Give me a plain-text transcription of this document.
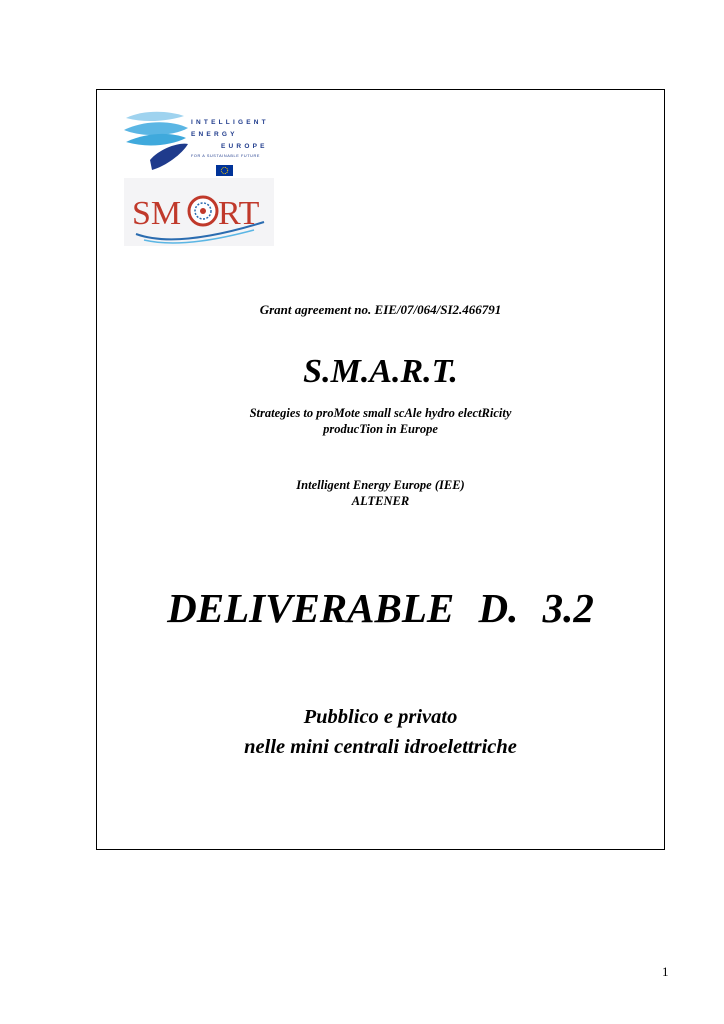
INTELLIGENT
ENERGY
EUROPE
FOR A SUSTAINABLE FUTURE
SM RT
Grant agreement no. EIE/07/064/SI2.466791
S.M.A.R.T.
Strategies to proMote small scAle hydro electRicity
producTion in Europe
Intelligent Energy Europe (IEE)
ALTENER
DELIVERABLE D. 3.2
Pubblico e privato
nelle mini centrali idroelettriche
1
